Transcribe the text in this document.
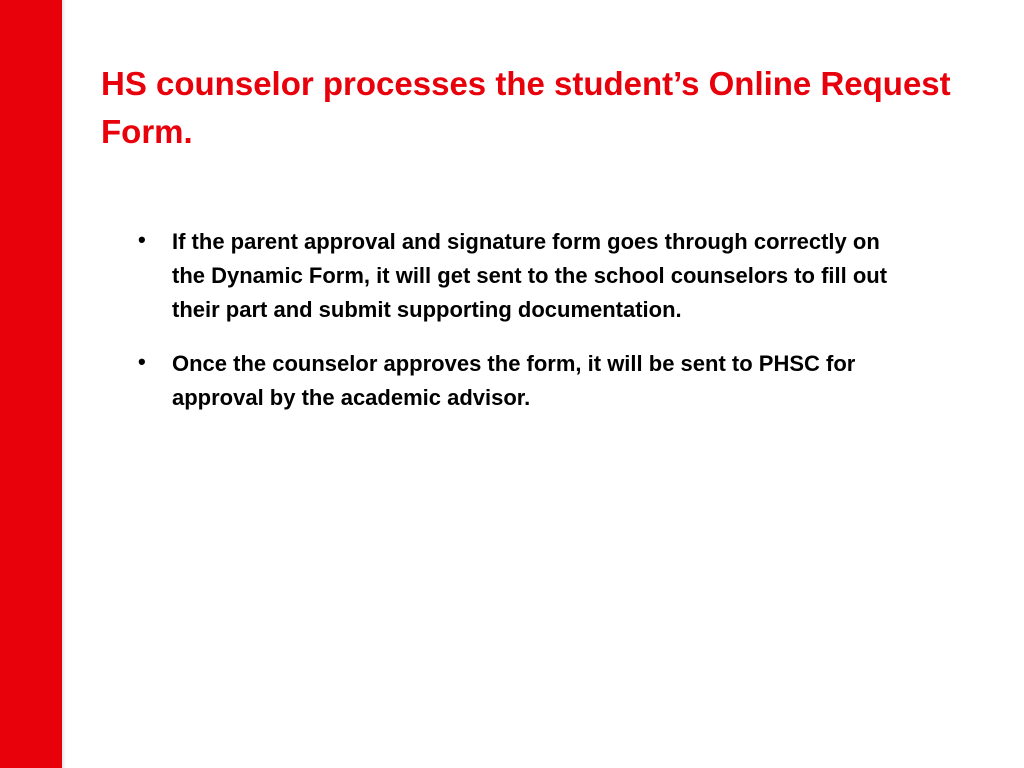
HS counselor processes the student’s Online Request Form.
• If the parent approval and signature form goes through correctly on the Dynamic Form, it will get sent to the school counselors to fill out their part and submit supporting documentation.
• Once the counselor approves the form, it will be sent to PHSC for approval by the academic advisor.
